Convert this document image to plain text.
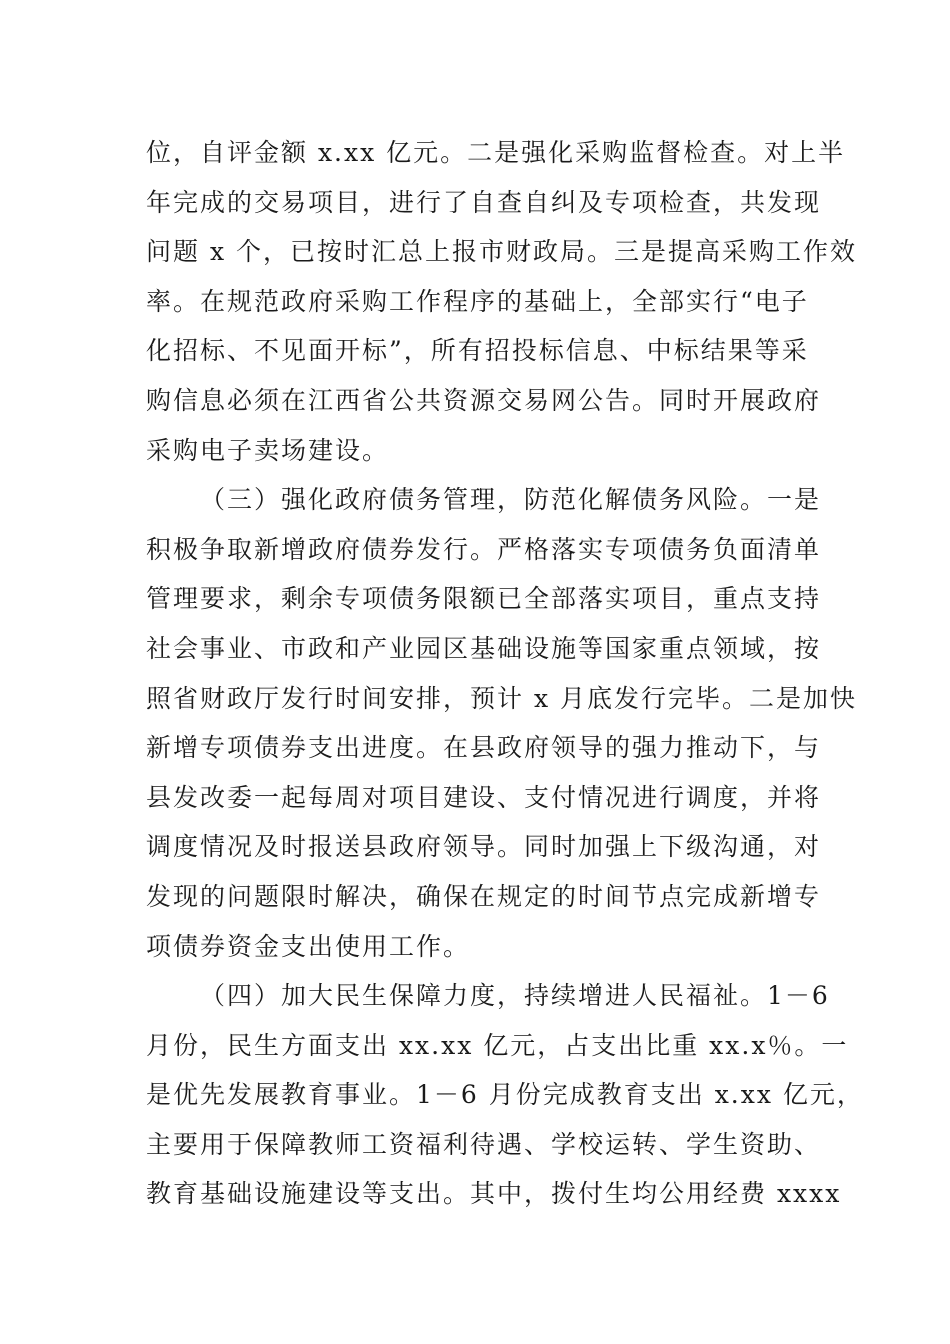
位，自评金额 x.xx 亿元。二是强化采购监督检查。对上半
年完成的交易项目，进行了自查自纠及专项检查，共发现
问题 x 个，已按时汇总上报市财政局。三是提高采购工作效
率。在规范政府采购工作程序的基础上，全部实行“电子
化招标、不见面开标”，所有招投标信息、中标结果等采
购信息必须在江西省公共资源交易网公告。同时开展政府
采购电子卖场建设。
（三）强化政府债务管理，防范化解债务风险。一是
积极争取新增政府债券发行。严格落实专项债务负面清单
管理要求，剩余专项债务限额已全部落实项目，重点支持
社会事业、市政和产业园区基础设施等国家重点领域，按
照省财政厅发行时间安排，预计 x 月底发行完毕。二是加快
新增专项债券支出进度。在县政府领导的强力推动下，与
县发改委一起每周对项目建设、支付情况进行调度，并将
调度情况及时报送县政府领导。同时加强上下级沟通，对
发现的问题限时解决，确保在规定的时间节点完成新增专
项债券资金支出使用工作。
（四）加大民生保障力度，持续增进人民福祉。1－6
月份，民生方面支出 xx.xx 亿元，占支出比重 xx.x％。一
是优先发展教育事业。1－6 月份完成教育支出 x.xx 亿元，
主要用于保障教师工资福利待遇、学校运转、学生资助、
教育基础设施建设等支出。其中，拨付生均公用经费 xxxx
